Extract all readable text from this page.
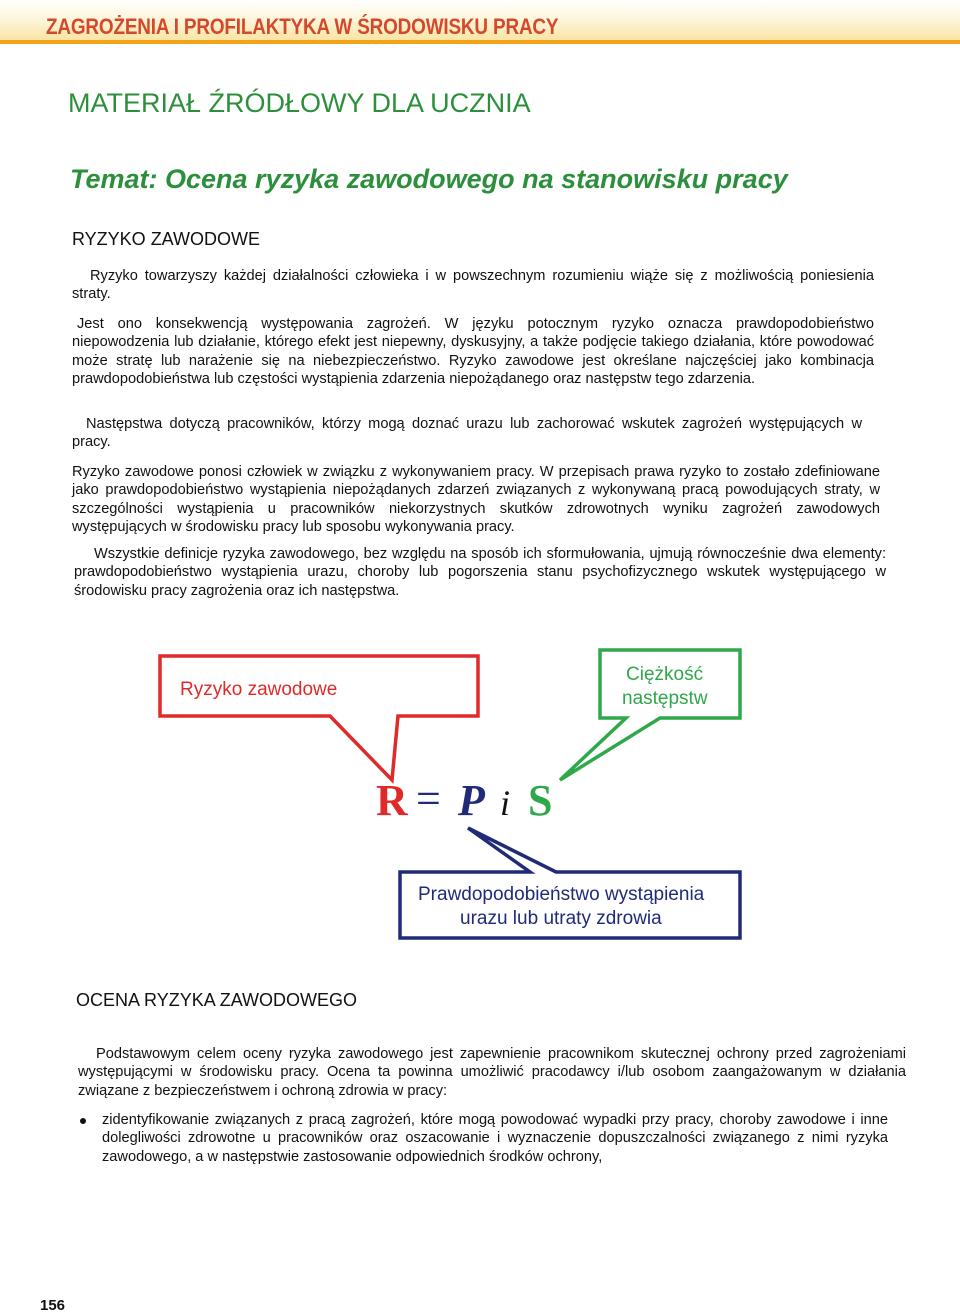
ZAGROŻENIA I PROFILAKTYKA W ŚRODOWISKU PRACY
MATERIAŁ ŹRÓDŁOWY DLA UCZNIA
Temat: Ocena ryzyka zawodowego na stanowisku pracy
RYZYKO ZAWODOWE

Ryzyko towarzyszy każdej działalności człowieka i w powszechnym rozumieniu wiąże się z możliwością poniesienia straty.

Jest ono konsekwencją występowania zagrożeń. W języku potocznym ryzyko oznacza prawdopodobieństwo niepowodzenia lub działanie, którego efekt jest niepewny, dyskusyjny, a także podjęcie takiego działania, które powodować może stratę lub narażenie się na niebezpieczeństwo. Ryzyko zawodowe jest określane najczęściej jako kombinacja prawdopodobieństwa lub częstości wystąpienia zdarzenia niepożądanego oraz następstw tego zdarzenia.

Następstwa dotyczą pracowników, którzy mogą doznać urazu lub zachorować wskutek zagrożeń występujących w pracy.

Ryzyko zawodowe ponosi człowiek w związku z wykonywaniem pracy. W przepisach prawa ryzyko to zostało zdefiniowane jako prawdopodobieństwo wystąpienia niepożądanych zdarzeń związanych z wykonywaną pracą powodujących straty, w szczególności wystąpienia u pracowników niekorzystnych skutków zdrowotnych wyniku zagrożeń zawodowych występujących w środowisku pracy lub sposobu wykonywania pracy.

Wszystkie definicje ryzyka zawodowego, bez względu na sposób ich sformułowania, ujmują równocześnie dwa elementy: prawdopodobieństwo wystąpienia urazu, choroby lub pogorszenia stanu psychofizycznego wskutek występującego w środowisku pracy zagrożenia oraz ich następstwa.

Ryzyko zawodowe
Ciężkość
następstw
R = P i S
Prawdopodobieństwo wystąpienia
urazu lub utraty zdrowia
OCENA RYZYKA ZAWODOWEGO

Podstawowym celem oceny ryzyka zawodowego jest zapewnienie pracownikom skutecznej ochrony przed zagrożeniami występującymi w środowisku pracy. Ocena ta powinna umożliwić pracodawcy i/lub osobom zaangażowanym w działania związane z bezpieczeństwem i ochroną zdrowia w pracy:

zidentyfikowanie związanych z pracą zagrożeń, które mogą powodować wypadki przy pracy, choroby zawodowe i inne dolegliwości zdrowotne u pracowników oraz oszacowanie i wyznaczenie dopuszczalności związanego z nimi ryzyka zawodowego, a w następstwie zastosowanie odpowiednich środków ochrony,

156
